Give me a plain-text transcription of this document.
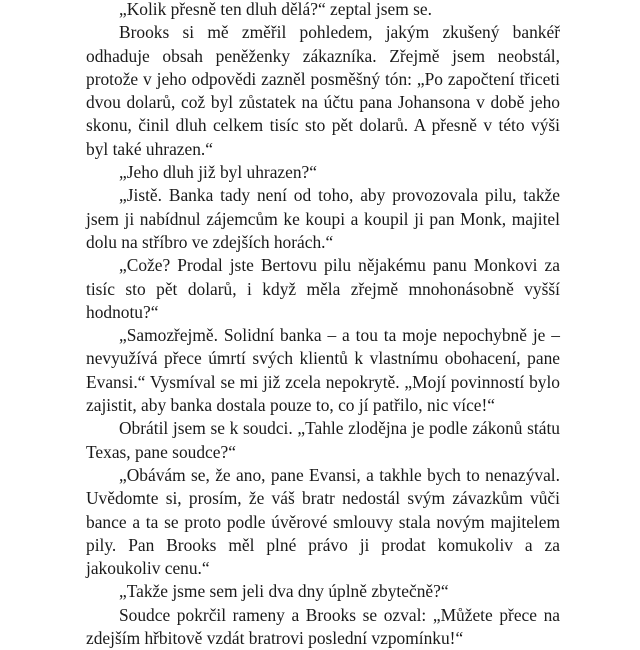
„Kolik přesně ten dluh dělá?“ zeptal jsem se.

Brooks si mě změřil pohledem, jakým zkušený bankéř odhaduje obsah peněženky zákazníka. Zřejmě jsem neobstál, protože v jeho odpovědi zazněl posměšný tón: „Po započtení třiceti dvou dolarů, což byl zůstatek na účtu pana Johansona v době jeho skonu, činil dluh celkem tisíc sto pět dolarů. A přesně v této výši byl také uhrazen.“

„Jeho dluh již byl uhrazen?“

„Jistě. Banka tady není od toho, aby provozovala pilu, takže jsem ji nabídnul zájemcům ke koupi a koupil ji pan Monk, majitel dolu na stříbro ve zdejších horách.“

„Cože? Prodal jste Bertovu pilu nějakému panu Monkovi za tisíc sto pět dolarů, i když měla zřejmě mnohonásobně vyšší hodnotu?“

„Samozřejmě. Solidní banka – a tou ta moje nepochybně je – nevyužívá přece úmrtí svých klientů k vlastnímu obohacení, pane Evansi.“ Vysmíval se mi již zcela nepokrytě. „Mojí povinností bylo zajistit, aby banka dostala pouze to, co jí patřilo, nic více!“

Obrátil jsem se k soudci. „Tahle zlodějna je podle zákonů státu Texas, pane soudce?“

„Obávám se, že ano, pane Evansi, a takhle bych to nenazýval. Uvědomte si, prosím, že váš bratr nedostál svým závazkům vůči bance a ta se proto podle úvěrové smlouvy stala novým majitelem pily. Pan Brooks měl plné právo ji prodat komukoliv a za jakoukoliv cenu.“

„Takže jsme sem jeli dva dny úplně zbytečně?“

Soudce pokrčil rameny a Brooks se ozval: „Můžete přece na zdejším hřbitově vzdát bratrovi poslední vzpomínku!“
